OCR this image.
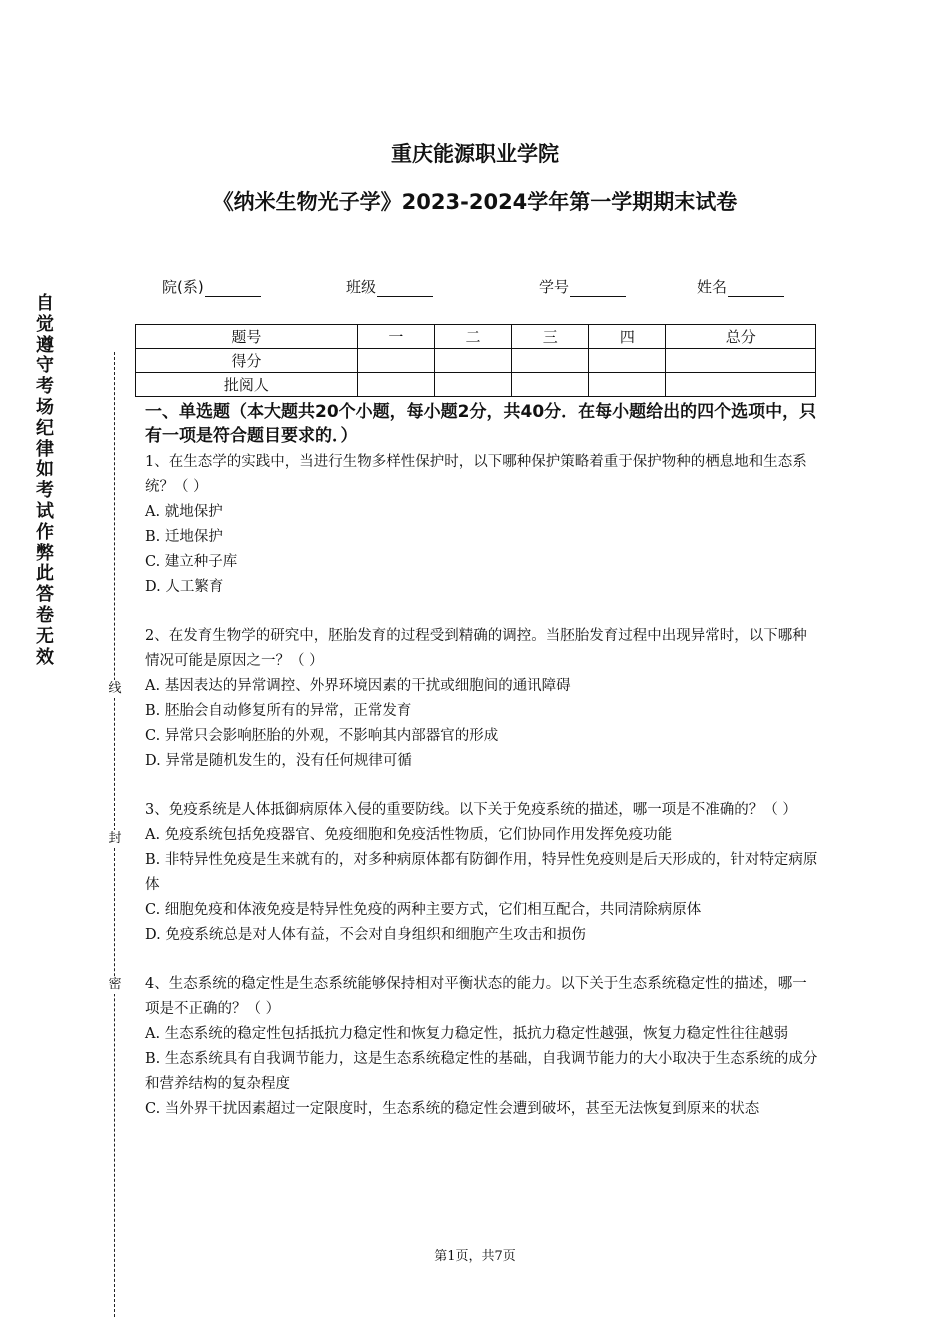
重庆能源职业学院
《纳米生物光子学》2023-2024学年第一学期期末试卷
院(系)	班级	学号	姓名
题号	一	二	三	四	总分
得分					
批阅人					
自觉遵守考场纪律如考试作弊此答卷无效
线
封
密

一、单选题（本大题共20个小题，每小题2分，共40分．在每小题给出的四个选项中，只有一项是符合题目要求的．）

1、在生态学的实践中，当进行生物多样性保护时，以下哪种保护策略着重于保护物种的栖息地和生态系统？（ ）

A. 就地保护

B. 迁地保护

C. 建立种子库

D. 人工繁育

2、在发育生物学的研究中，胚胎发育的过程受到精确的调控。当胚胎发育过程中出现异常时，以下哪种情况可能是原因之一？（ ）

A. 基因表达的异常调控、外界环境因素的干扰或细胞间的通讯障碍

B. 胚胎会自动修复所有的异常，正常发育

C. 异常只会影响胚胎的外观，不影响其内部器官的形成

D. 异常是随机发生的，没有任何规律可循

3、免疫系统是人体抵御病原体入侵的重要防线。以下关于免疫系统的描述，哪一项是不准确的？（ ）

A. 免疫系统包括免疫器官、免疫细胞和免疫活性物质，它们协同作用发挥免疫功能

B. 非特异性免疫是生来就有的，对多种病原体都有防御作用，特异性免疫则是后天形成的，针对特定病原体

C. 细胞免疫和体液免疫是特异性免疫的两种主要方式，它们相互配合，共同清除病原体

D. 免疫系统总是对人体有益，不会对自身组织和细胞产生攻击和损伤

4、生态系统的稳定性是生态系统能够保持相对平衡状态的能力。以下关于生态系统稳定性的描述，哪一项是不正确的？（ ）

A. 生态系统的稳定性包括抵抗力稳定性和恢复力稳定性，抵抗力稳定性越强，恢复力稳定性往往越弱

B. 生态系统具有自我调节能力，这是生态系统稳定性的基础，自我调节能力的大小取决于生态系统的成分和营养结构的复杂程度

C. 当外界干扰因素超过一定限度时，生态系统的稳定性会遭到破坏，甚至无法恢复到原来的状态

第1页，共7页
